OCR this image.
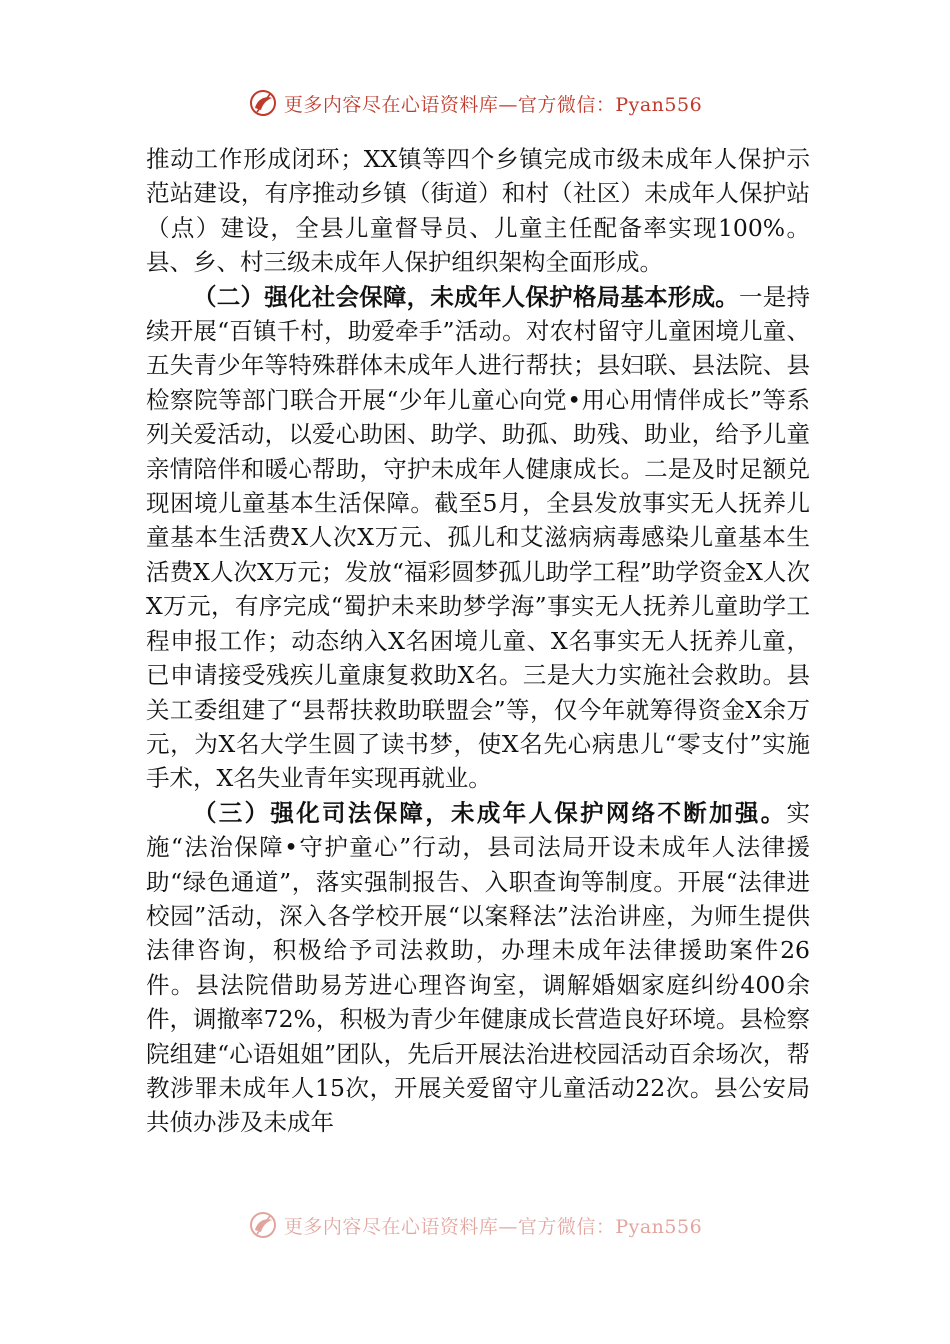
更多内容尽在心语资料库—官方微信：Pyan556

推动工作形成闭环；XX镇等四个乡镇完成市级未成年人保护示范站建设，有序推动乡镇（街道）和村（社区）未成年人保护站（点）建设，全县儿童督导员、儿童主任配备率实现100%。县、乡、村三级未成年人保护组织架构全面形成。

（二）强化社会保障，未成年人保护格局基本形成。一是持续开展“百镇千村，助爱牵手”活动。对农村留守儿童困境儿童、五失青少年等特殊群体未成年人进行帮扶；县妇联、县法院、县检察院等部门联合开展“少年儿童心向党•用心用情伴成长”等系列关爱活动，以爱心助困、助学、助孤、助残、助业，给予儿童亲情陪伴和暖心帮助，守护未成年人健康成长。二是及时足额兑现困境儿童基本生活保障。截至5月，全县发放事实无人抚养儿童基本生活费X人次X万元、孤儿和艾滋病病毒感染儿童基本生活费X人次X万元；发放“福彩圆梦孤儿助学工程”助学资金X人次X万元，有序完成“蜀护未来助梦学海”事实无人抚养儿童助学工程申报工作；动态纳入X名困境儿童、X名事实无人抚养儿童，已申请接受残疾儿童康复救助X名。三是大力实施社会救助。县关工委组建了“县帮扶救助联盟会”等，仅今年就筹得资金X余万元，为X名大学生圆了读书梦，使X名先心病患儿“零支付”实施手术，X名失业青年实现再就业。

（三）强化司法保障，未成年人保护网络不断加强。实施“法治保障•守护童心”行动，县司法局开设未成年人法律援助“绿色通道”，落实强制报告、入职查询等制度。开展“法律进校园”活动，深入各学校开展“以案释法”法治讲座，为师生提供法律咨询，积极给予司法救助，办理未成年法律援助案件26件。县法院借助易芳进心理咨询室，调解婚姻家庭纠纷400余件，调撤率72%，积极为青少年健康成长营造良好环境。县检察院组建“心语姐姐”团队，先后开展法治进校园活动百余场次，帮教涉罪未成年人15次，开展关爱留守儿童活动22次。县公安局共侦办涉及未成年

更多内容尽在心语资料库—官方微信：Pyan556
